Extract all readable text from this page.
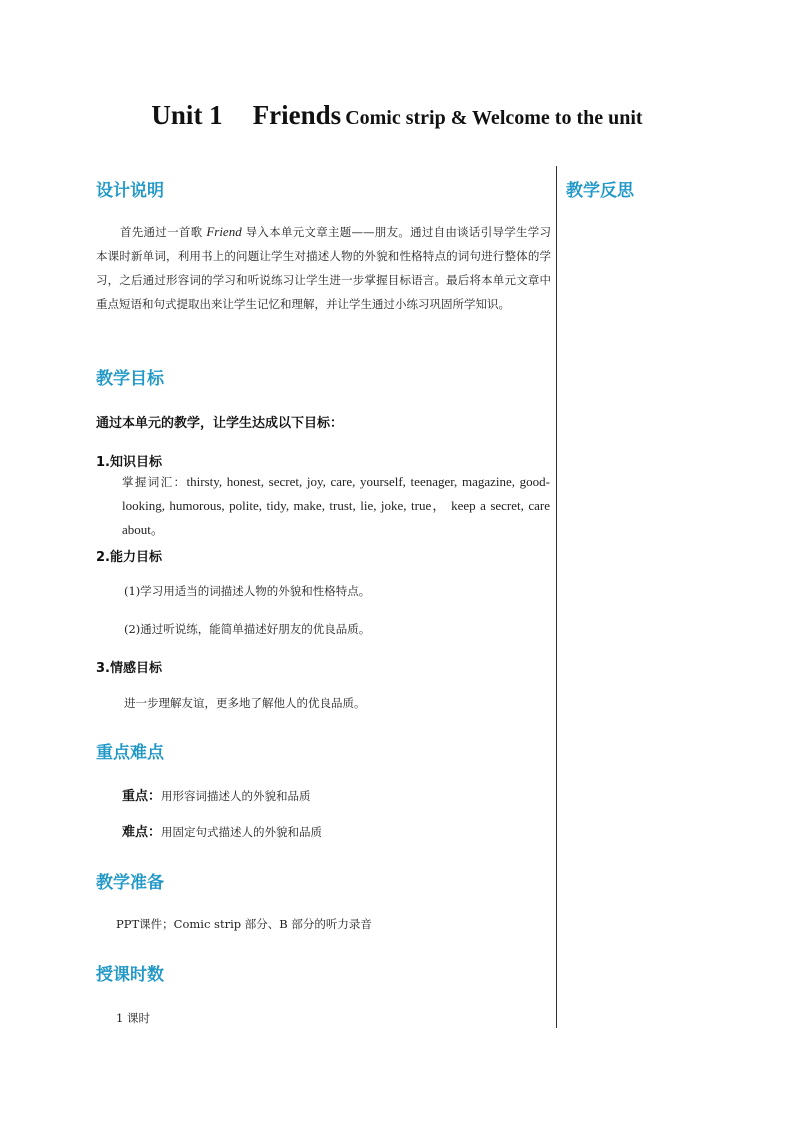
Unit 1 Friends Comic strip & Welcome to the unit
教学反思
设计说明
首先通过一首歌 Friend 导入本单元文章主题——朋友。通过自由谈话引导学生学习本课时新单词，利用书上的问题让学生对描述人物的外貌和性格特点的词句进行整体的学习，之后通过形容词的学习和听说练习让学生进一步掌握目标语言。最后将本单元文章中重点短语和句式提取出来让学生记忆和理解，并让学生通过小练习巩固所学知识。
教学目标
通过本单元的教学，让学生达成以下目标：
1.知识目标
掌握词汇：thirsty, honest, secret, joy, care, yourself, teenager, magazine, good-looking, humorous, polite, tidy, make, trust, lie, joke, true， keep a secret, care about。
2.能力目标
(1)学习用适当的词描述人物的外貌和性格特点。
(2)通过听说练，能简单描述好朋友的优良品质。
3.情感目标
进一步理解友谊，更多地了解他人的优良品质。
重点难点
重点：用形容词描述人的外貌和品质
难点：用固定句式描述人的外貌和品质
教学准备
PPT课件；Comic strip 部分、B 部分的听力录音
授课时数
1 课时
